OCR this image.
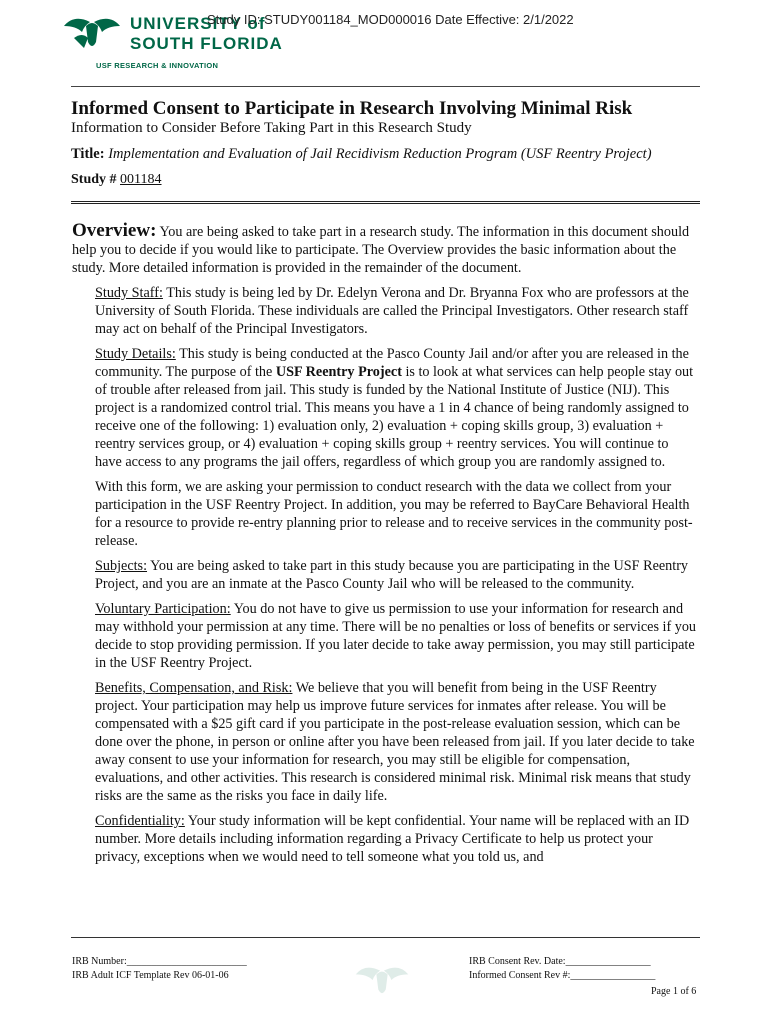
UNIVERSITY of
SOUTH FLORIDA
USF RESEARCH & INNOVATION
Study ID: STUDY001184_MOD000016 Date Effective: 2/1/2022
Informed Consent to Participate in Research Involving Minimal Risk
Information to Consider Before Taking Part in this Research Study
Title: Implementation and Evaluation of Jail Recidivism Reduction Program (USF Reentry Project)
Study # 001184

Overview: You are being asked to take part in a research study. The information in this document should help you to decide if you would like to participate. The Overview provides the basic information about the study. More detailed information is provided in the remainder of the document.

Study Staff: This study is being led by Dr. Edelyn Verona and Dr. Bryanna Fox who are professors at the University of South Florida. These individuals are called the Principal Investigators. Other research staff may act on behalf of the Principal Investigators.

Study Details: This study is being conducted at the Pasco County Jail and/or after you are released in the community. The purpose of the USF Reentry Project is to look at what services can help people stay out of trouble after released from jail. This study is funded by the National Institute of Justice (NIJ). This project is a randomized control trial. This means you have a 1 in 4 chance of being randomly assigned to receive one of the following: 1) evaluation only, 2) evaluation + coping skills group, 3) evaluation + reentry services group, or 4) evaluation + coping skills group + reentry services. You will continue to have access to any programs the jail offers, regardless of which group you are randomly assigned to.

With this form, we are asking your permission to conduct research with the data we collect from your participation in the USF Reentry Project. In addition, you may be referred to BayCare Behavioral Health for a resource to provide re-entry planning prior to release and to receive services in the community post-release.

Subjects: You are being asked to take part in this study because you are participating in the USF Reentry Project, and you are an inmate at the Pasco County Jail who will be released to the community.

Voluntary Participation: You do not have to give us permission to use your information for research and may withhold your permission at any time. There will be no penalties or loss of benefits or services if you decide to stop providing permission. If you later decide to take away permission, you may still participate in the USF Reentry Project.

Benefits, Compensation, and Risk: We believe that you will benefit from being in the USF Reentry project. Your participation may help us improve future services for inmates after release. You will be compensated with a $25 gift card if you participate in the post-release evaluation session, which can be done over the phone, in person or online after you have been released from jail. If you later decide to take away consent to use your information for research, you may still be eligible for compensation, evaluations, and other activities. This research is considered minimal risk. Minimal risk means that study risks are the same as the risks you face in daily life.

Confidentiality: Your study information will be kept confidential. Your name will be replaced with an ID number. More details including information regarding a Privacy Certificate to help us protect your privacy, exceptions when we would need to tell someone what you told us, and

IRB Number:________________________
IRB Adult ICF Template Rev 06-01-06
IRB Consent Rev. Date:_________________
Informed Consent Rev #:_________________
Page 1 of 6
